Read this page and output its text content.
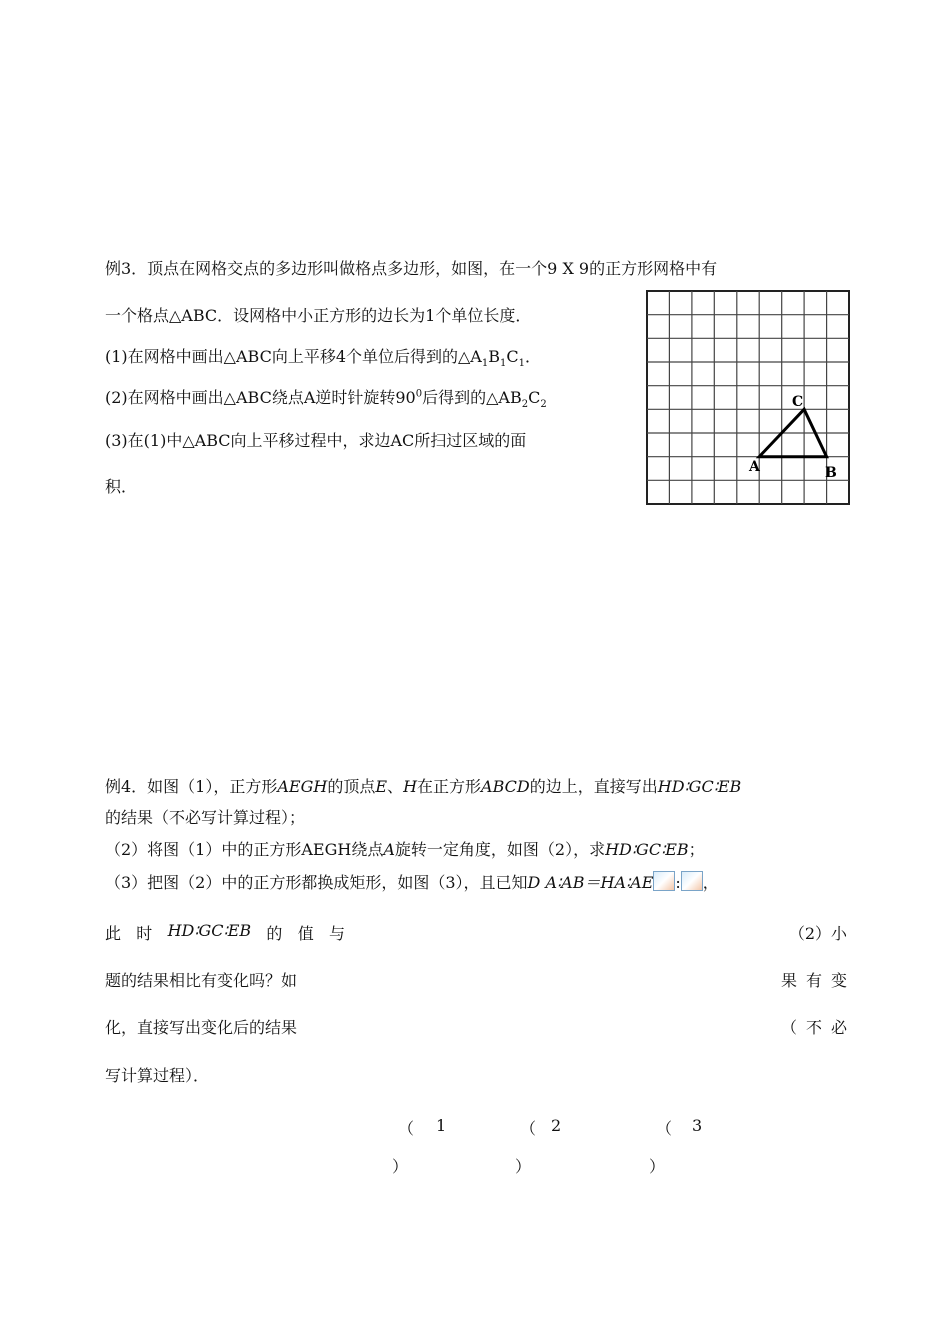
例3．顶点在网格交点的多边形叫做格点多边形，如图，在一个9 X 9的正方形网格中有
一个格点△ABC．设网格中小正方形的边长为1个单位长度．
(1)在网格中画出△ABC向上平移4个单位后得到的$\triangle A_1B_1C_1$．
(2)在网格中画出△ABC绕点A逆时针旋转$90^0$后得到的$\triangle AB_2C_2$
(3)在(1)中△ABC向上平移过程中，求边AC所扫过区域的面
积．
A	B
C
例4．如图（1），正方形AEGH的顶点E、H在正方形ABCD的边上，直接写出HD∶GC∶EB
的结果（不必写计算过程）；
（2）将图（1）中的正方形AEGH绕点A旋转一定角度，如图（2），求HD∶GC∶EB；
（3）把图（2）中的正方形都换成矩形，如图（3），且已知D A∶AB＝HA∶AE : ，
此 时 HD∶GC∶EB 的 值 与	（2）小
题的结果相比有变化吗？如	果 有 变
化，直接写出变化后的结果	（ 不 必
写计算过程）．
（ 1
）
（ 2
）
（ 3
）
